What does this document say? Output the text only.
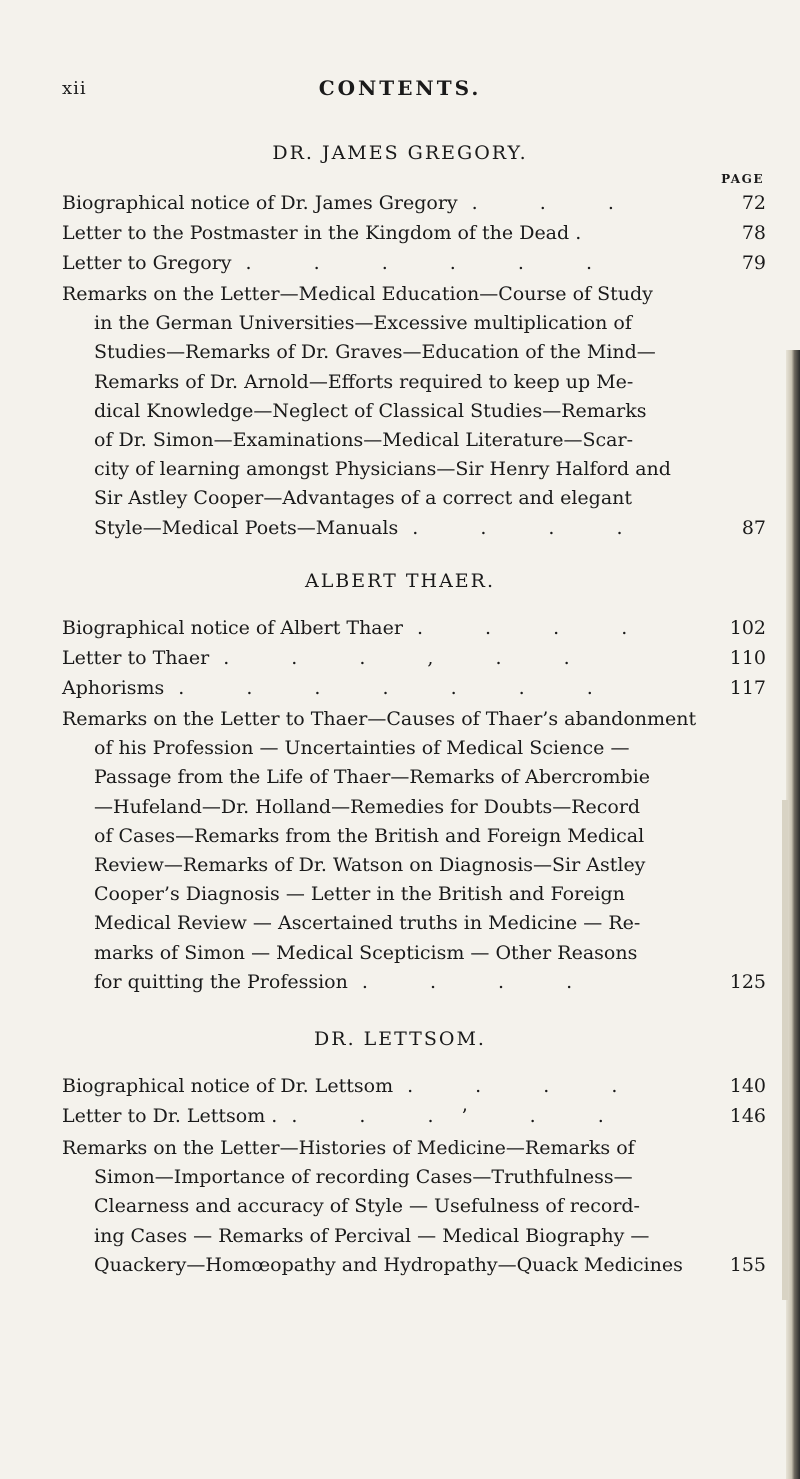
xii	CONTENTS.
DR. JAMES GREGORY.
PAGE
Biographical notice of Dr. James Gregory . . .	72
Letter to the Postmaster in the Kingdom of the Dead .	78
Letter to Gregory . . . . . .	79
Remarks on the Letter—Medical Education—Course of Study
in the German Universities—Excessive multiplication of
Studies—Remarks of Dr. Graves—Education of the Mind—
Remarks of Dr. Arnold—Efforts required to keep up Me-
dical Knowledge—Neglect of Classical Studies—Remarks
of Dr. Simon—Examinations—Medical Literature—Scar-
city of learning amongst Physicians—Sir Henry Halford and
Sir Astley Cooper—Advantages of a correct and elegant
Style—Medical Poets—Manuals . . . .	87
ALBERT THAER.
Biographical notice of Albert Thaer . . . .	102
Letter to Thaer . . . , . .	110
Aphorisms . . . . . . .	117
Remarks on the Letter to Thaer—Causes of Thaer’s abandonment
of his Profession — Uncertainties of Medical Science —
Passage from the Life of Thaer—Remarks of Abercrombie
—Hufeland—Dr. Holland—Remedies for Doubts—Record
of Cases—Remarks from the British and Foreign Medical
Review—Remarks of Dr. Watson on Diagnosis—Sir Astley
Cooper’s Diagnosis — Letter in the British and Foreign
Medical Review — Ascertained truths in Medicine — Re-
marks of Simon — Medical Scepticism — Other Reasons
for quitting the Profession . . . .	125
DR. LETTSOM.
Biographical notice of Dr. Lettsom . . . .	140
Letter to Dr. Lettsom . . . .’ . .	146
Remarks on the Letter—Histories of Medicine—Remarks of
Simon—Importance of recording Cases—Truthfulness—
Clearness and accuracy of Style — Usefulness of record-
ing Cases — Remarks of Percival — Medical Biography —
Quackery—Homœopathy and Hydropathy—Quack Medicines 155
